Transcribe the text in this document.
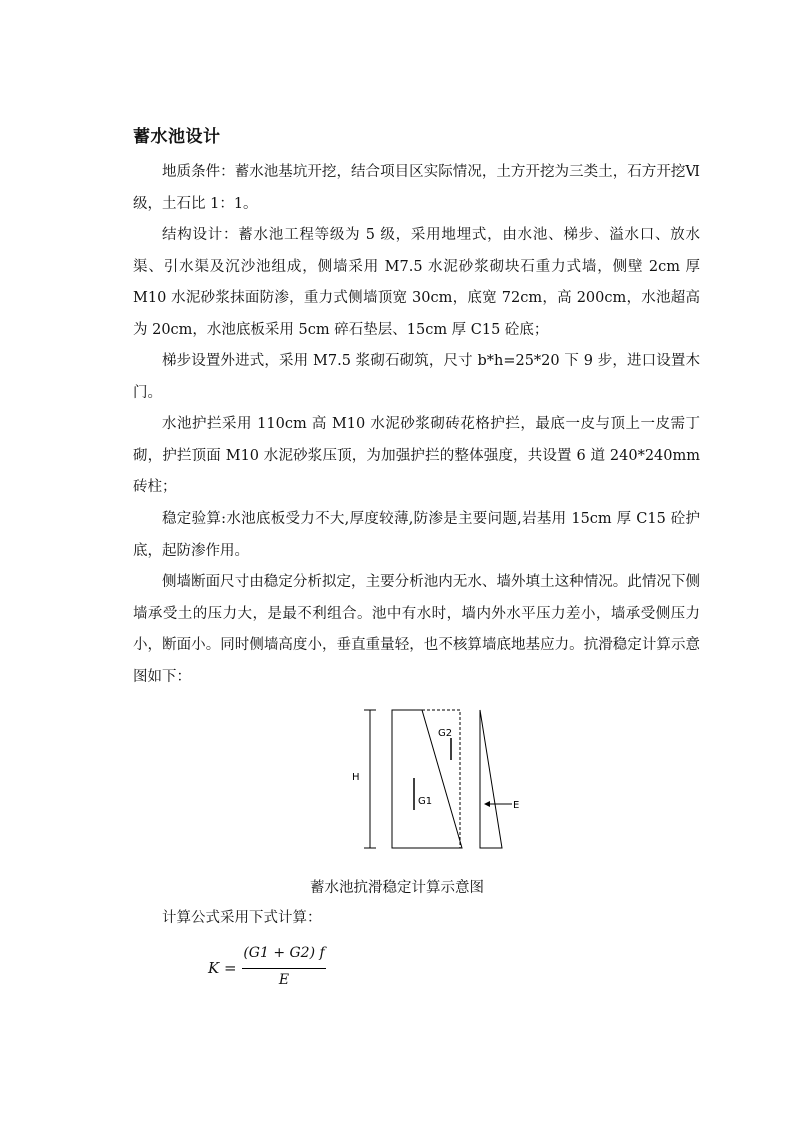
蓄水池设计

地质条件：蓄水池基坑开挖，结合项目区实际情况，土方开挖为三类土，石方开挖Ⅵ级，土石比 1：1。

结构设计：蓄水池工程等级为 5 级，采用地埋式，由水池、梯步、溢水口、放水渠、引水渠及沉沙池组成，侧墙采用 M7.5 水泥砂浆砌块石重力式墙，侧壁 2cm 厚 M10 水泥砂浆抹面防渗，重力式侧墙顶宽 30cm，底宽 72cm，高 200cm，水池超高为 20cm，水池底板采用 5cm 碎石垫层、15cm 厚 C15 砼底；

梯步设置外进式，采用 M7.5 浆砌石砌筑，尺寸 b*h=25*20 下 9 步，进口设置木门。

水池护拦采用 110cm 高 M10 水泥砂浆砌砖花格护拦，最底一皮与顶上一皮需丁砌，护拦顶面 M10 水泥砂浆压顶，为加强护拦的整体强度，共设置 6 道 240*240mm 砖柱；

稳定验算:水池底板受力不大,厚度较薄,防渗是主要问题,岩基用 15cm 厚 C15 砼护底，起防渗作用。

侧墙断面尺寸由稳定分析拟定，主要分析池内无水、墙外填土这种情况。此情况下侧墙承受土的压力大，是最不利组合。池中有水时，墙内外水平压力差小，墙承受侧压力小，断面小。同时侧墙高度小，垂直重量轻，也不核算墙底地基应力。抗滑稳定计算示意图如下：

H
G2
G1	E
蓄水池抗滑稳定计算示意图
计算公式采用下式计算：
K =
(G1 + G2) f
E
